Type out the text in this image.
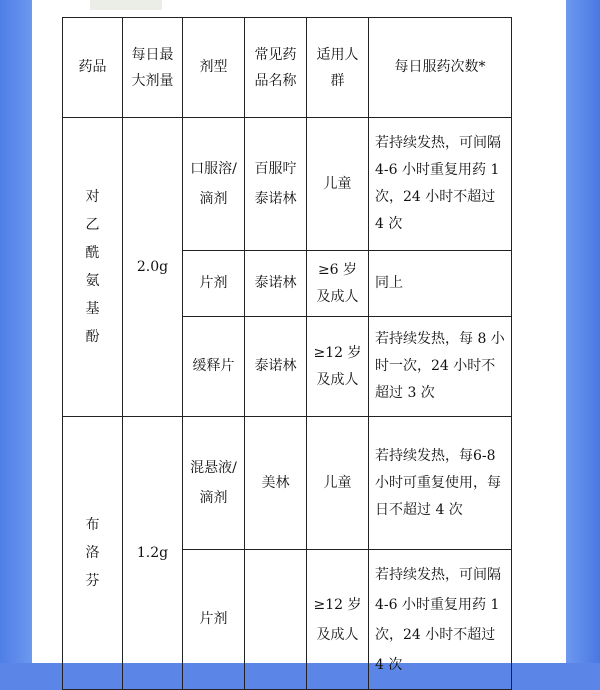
药品	每日最大剂量	剂型	常见药品名称	适用人群	每日服药次数*
对乙酰氨基酚	2.0g	口服溶/滴剂	百服咛泰诺林	儿童	若持续发热，可间隔 4-6 小时重复用药 1 次，24 小时不超过 4 次
		片剂	泰诺林	≥6 岁及成人	同上
		缓释片	泰诺林	≥12 岁及成人	若持续发热，每 8 小时一次，24 小时不超过 3 次
布洛芬	1.2g	混悬液/滴剂	美林	儿童	若持续发热，每6-8 小时可重复使用，每日不超过 4 次
		片剂		≥12 岁及成人	若持续发热，可间隔 4-6 小时重复用药 1 次，24 小时不超过 4 次
